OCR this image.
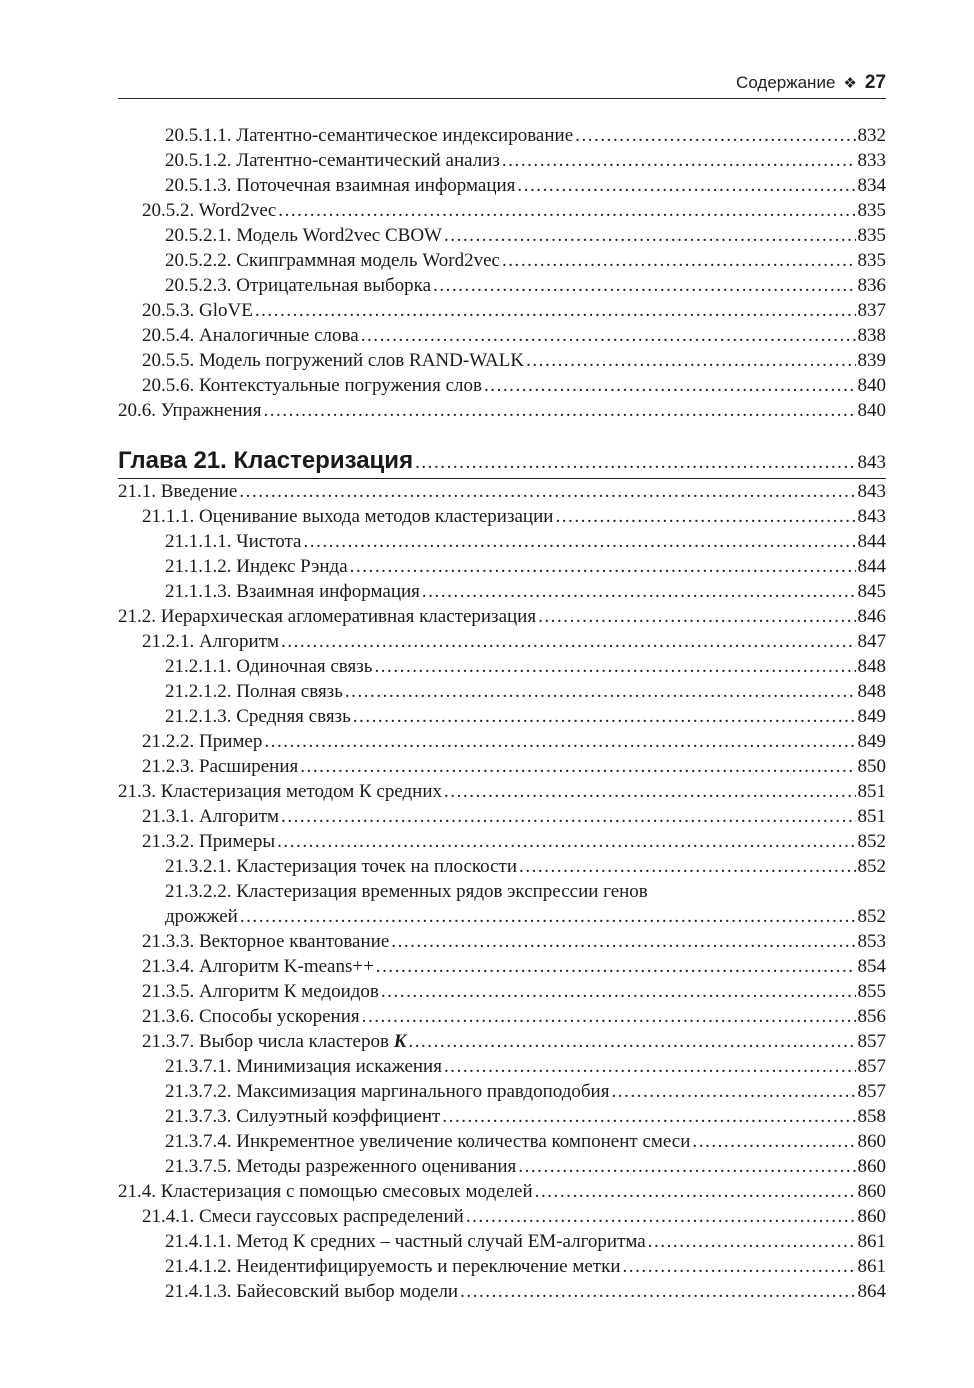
Содержание ❖ 27
20.5.1.1. Латентно-семантическое индексирование . . .	832
20.5.1.2. Латентно-семантический анализ . . .	833
20.5.1.3. Поточечная взаимная информация . . .	834
20.5.2. Word2vec . . .	835
20.5.2.1. Модель Word2vec CBOW . . .	835
20.5.2.2. Скипграммная модель Word2vec . . .	835
20.5.2.3. Отрицательная выборка . . .	836
20.5.3. GloVE . . .	837
20.5.4. Аналогичные слова . . .	838
20.5.5. Модель погружений слов RAND-WALK . . .	839
20.5.6. Контекстуальные погружения слов . . .	840
20.6. Упражнения . . .	840
Глава 21. Кластеризация . . .	843
21.1. Введение . . .	843
21.1.1. Оценивание выхода методов кластеризации . . .	843
21.1.1.1. Чистота . . .	844
21.1.1.2. Индекс Рэнда . . .	844
21.1.1.3. Взаимная информация . . .	845
21.2. Иерархическая агломеративная кластеризация . . .	846
21.2.1. Алгоритм . . .	847
21.2.1.1. Одиночная связь . . .	848
21.2.1.2. Полная связь . . .	848
21.2.1.3. Средняя связь . . .	849
21.2.2. Пример . . .	849
21.2.3. Расширения . . .	850
21.3. Кластеризация методом К средних . . .	851
21.3.1. Алгоритм . . .	851
21.3.2. Примеры . . .	852
21.3.2.1. Кластеризация точек на плоскости . . .	852
21.3.2.2. Кластеризация временных рядов экспрессии генов
дрожжей . . .	852
21.3.3. Векторное квантование . . .	853
21.3.4. Алгоритм K-means++ . . .	854
21.3.5. Алгоритм К медоидов . . .	855
21.3.6. Способы ускорения . . .	856
21.3.7. Выбор числа кластеров K . . .	857
21.3.7.1. Минимизация искажения . . .	857
21.3.7.2. Максимизация маргинального правдоподобия . . .	857
21.3.7.3. Силуэтный коэффициент . . .	858
21.3.7.4. Инкрементное увеличение количества компонент смеси . . .	860
21.3.7.5. Методы разреженного оценивания . . .	860
21.4. Кластеризация с помощью смесовых моделей . . .	860
21.4.1. Смеси гауссовых распределений . . .	860
21.4.1.1. Метод К средних – частный случай EM-алгоритма . . .	861
21.4.1.2. Неидентифицируемость и переключение метки . . .	861
21.4.1.3. Байесовский выбор модели . . .	864
